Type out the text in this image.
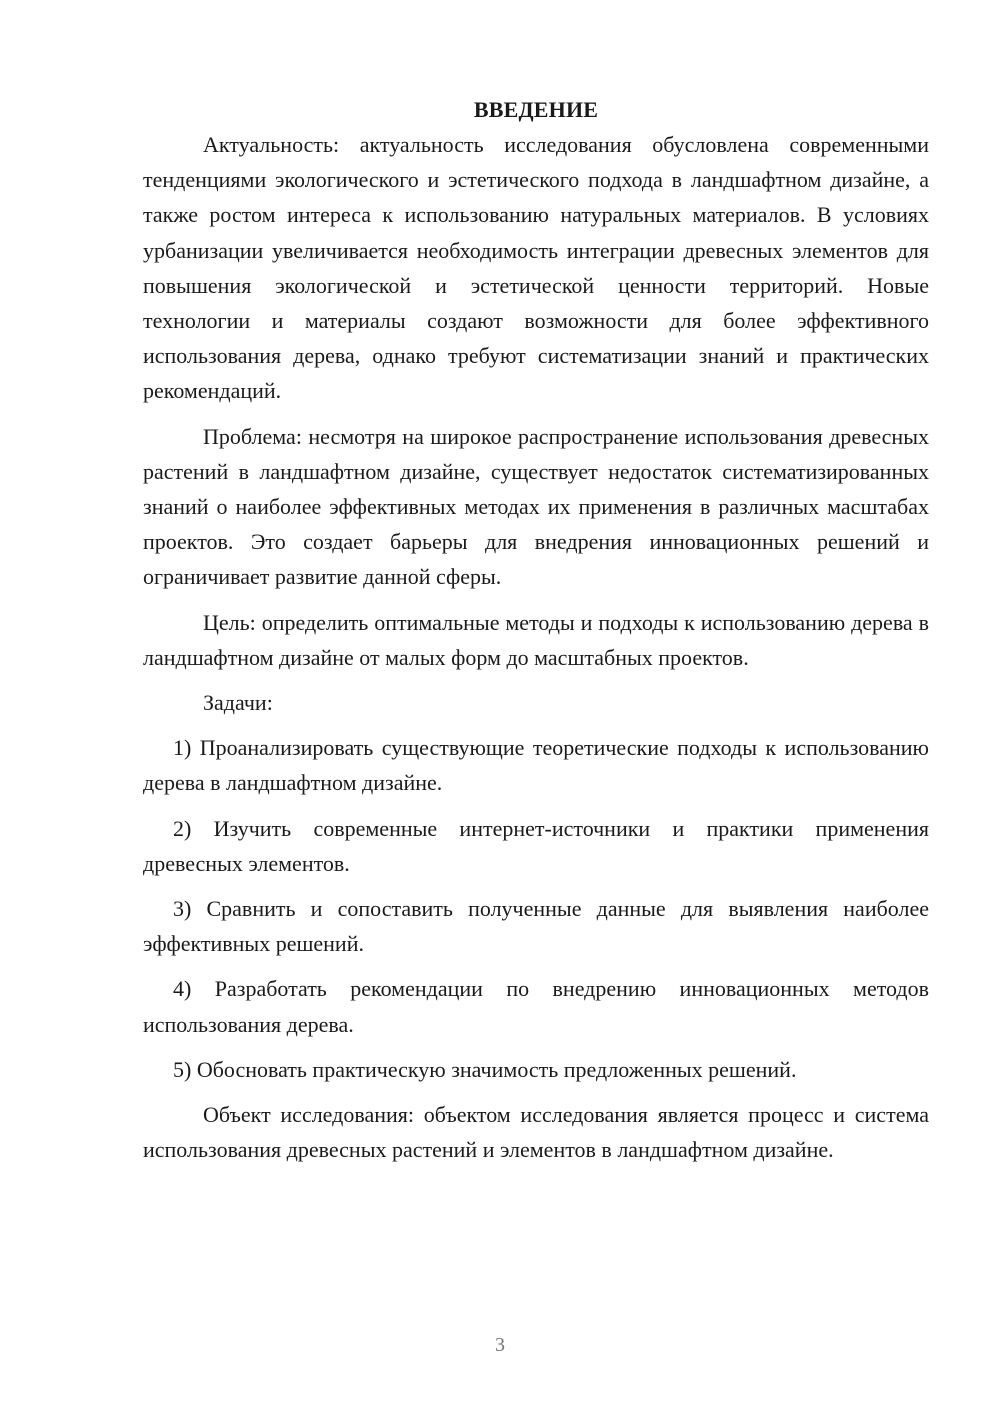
ВВЕДЕНИЕ

Актуальность: актуальность исследования обусловлена современными тенденциями экологического и эстетического подхода в ландшафтном дизайне, а также ростом интереса к использованию натуральных материалов. В условиях урбанизации увеличивается необходимость интеграции древесных элементов для повышения экологической и эстетической ценности территорий. Новые технологии и материалы создают возможности для более эффективного использования дерева, однако требуют систематизации знаний и практических рекомендаций.

Проблема: несмотря на широкое распространение использования древесных растений в ландшафтном дизайне, существует недостаток систематизированных знаний о наиболее эффективных методах их применения в различных масштабах проектов. Это создает барьеры для внедрения инновационных решений и ограничивает развитие данной сферы.

Цель: определить оптимальные методы и подходы к использованию дерева в ландшафтном дизайне от малых форм до масштабных проектов.

Задачи:

1) Проанализировать существующие теоретические подходы к использованию дерева в ландшафтном дизайне.

2) Изучить современные интернет-источники и практики применения древесных элементов.

3) Сравнить и сопоставить полученные данные для выявления наиболее эффективных решений.

4) Разработать рекомендации по внедрению инновационных методов использования дерева.

5) Обосновать практическую значимость предложенных решений.

Объект исследования: объектом исследования является процесс и система использования древесных растений и элементов в ландшафтном дизайне.

3
